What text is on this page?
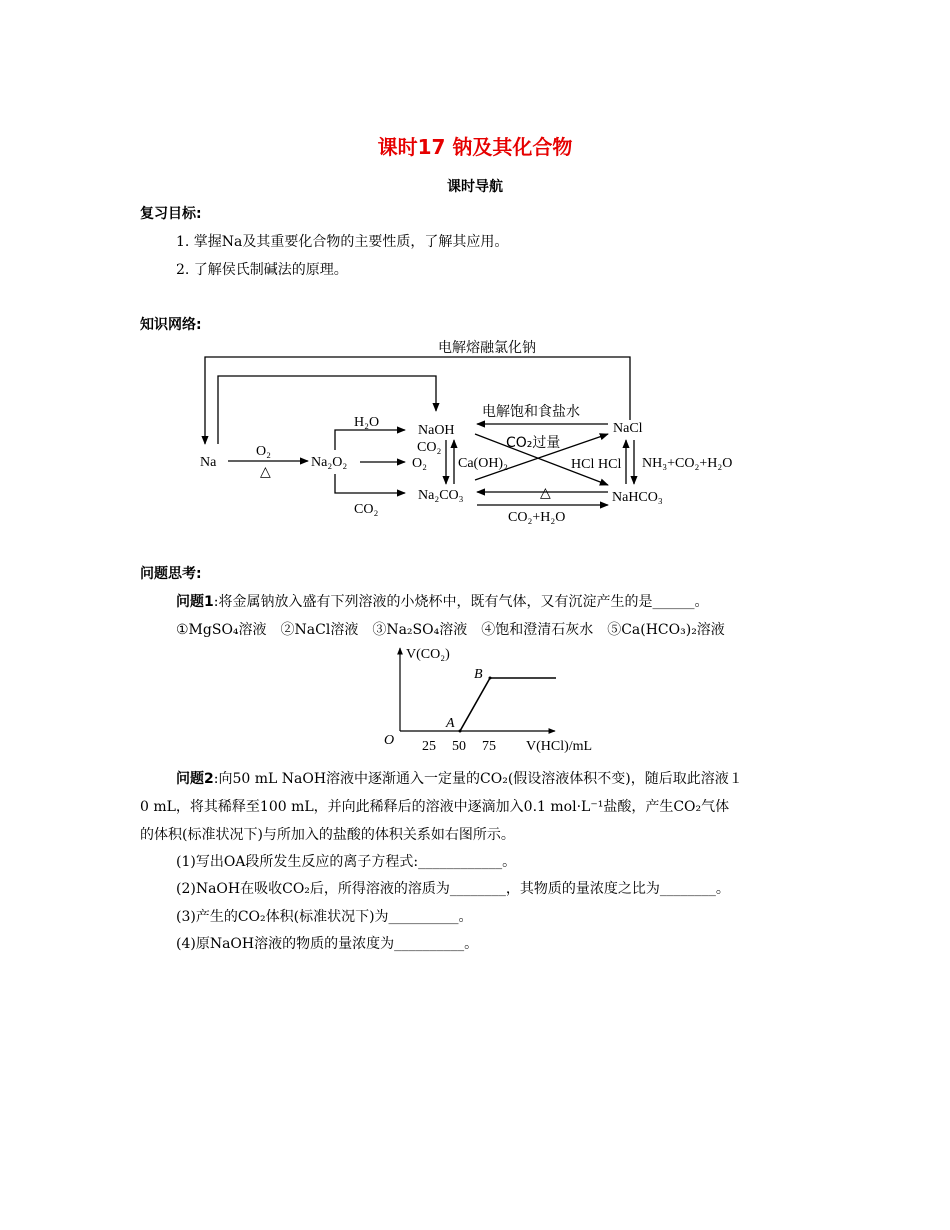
课时17 钠及其化合物
课时导航
复习目标:
1. 掌握Na及其重要化合物的主要性质，了解其应用。
2. 了解侯氏制碱法的原理。
知识网络:
电解熔融氯化钠
电解饱和食盐水
CO₂过量
Na
O₂
△
Na₂O₂
H₂O
CO₂
NaOH
CO₂
O₂ Ca(OH)₂
Na₂CO₃	△
CO₂+H₂O
NaCl
HCl HCl NH₃+CO₂+H₂O
NaHCO₃
问题思考:
问题1:将金属钠放入盛有下列溶液的小烧杯中，既有气体，又有沉淀产生的是______。
①MgSO₄溶液　②NaCl溶液　③Na₂SO₄溶液　④饱和澄清石灰水　⑤Ca(HCO₃)₂溶液
25 50 75
A
B
V(CO₂)
O	V(HCl)/mL
问题2:向50 mL NaOH溶液中逐渐通入一定量的CO₂(假设溶液体积不变)，随后取此溶液１
0 mL，将其稀释至100 mL，并向此稀释后的溶液中逐滴加入0.1 mol·L⁻¹盐酸，产生CO₂气体
的体积(标准状况下)与所加入的盐酸的体积关系如右图所示。
(1)写出OA段所发生反应的离子方程式:____________。
(2)NaOH在吸收CO₂后，所得溶液的溶质为________，其物质的量浓度之比为________。
(3)产生的CO₂体积(标准状况下)为__________。
(4)原NaOH溶液的物质的量浓度为__________。
